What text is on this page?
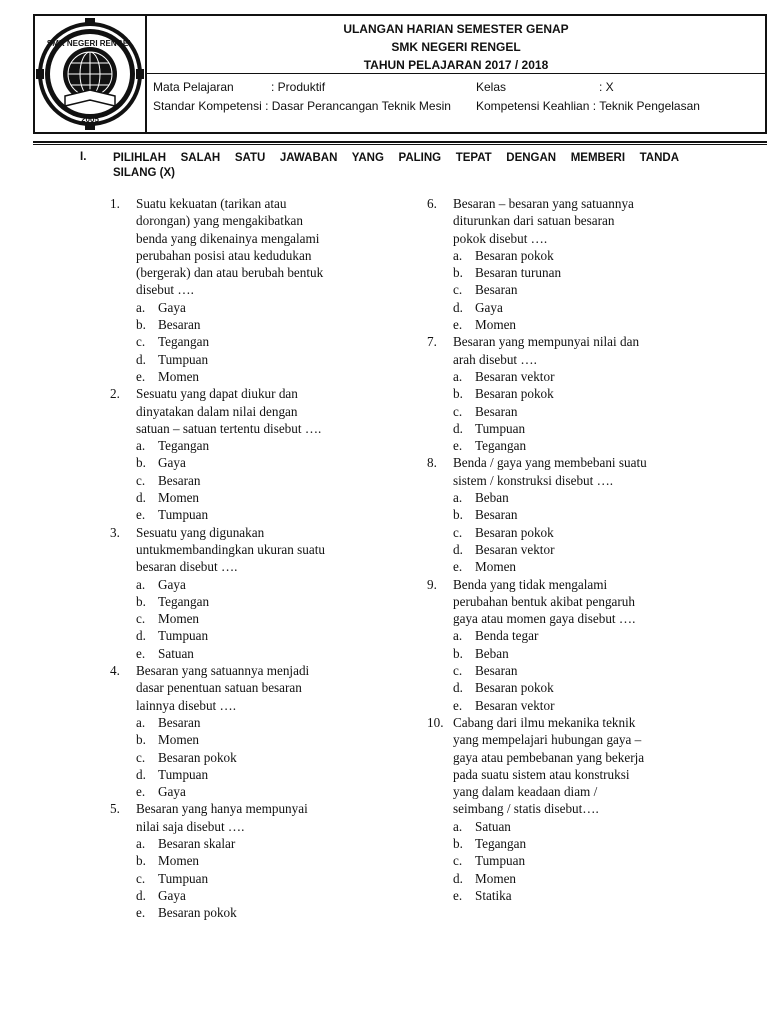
SMK NEGERI RENGEL
2005
ULANGAN HARIAN SEMESTER GENAP
SMK NEGERI RENGEL
TAHUN PELAJARAN 2017 / 2018
Mata Pelajaran	: Produktif	Kelas	: X
Standar Kompetensi : Dasar Perancangan Teknik Mesin Kompetensi Keahlian : Teknik Pengelasan
I. PILIHLAH SALAH SATU JAWABAN YANG PALING TEPAT DENGAN MEMBERI TANDA
SILANG (X)
1. Suatu kekuatan (tarikan atau
dorongan) yang mengakibatkan
benda yang dikenainya mengalami
perubahan posisi atau kedudukan
(bergerak) dan atau berubah bentuk
disebut ….
a. Gaya
b. Besaran
c. Tegangan
d. Tumpuan
e. Momen
2. Sesuatu yang dapat diukur dan
dinyatakan dalam nilai dengan
satuan – satuan tertentu disebut ….
a. Tegangan
b. Gaya
c. Besaran
d. Momen
e. Tumpuan
3. Sesuatu yang digunakan
untukmembandingkan ukuran suatu
besaran disebut ….
a. Gaya
b. Tegangan
c. Momen
d. Tumpuan
e. Satuan
4. Besaran yang satuannya menjadi
dasar penentuan satuan besaran
lainnya disebut ….
a. Besaran
b. Momen
c. Besaran pokok
d. Tumpuan
e. Gaya
5. Besaran yang hanya mempunyai
nilai saja disebut ….
a. Besaran skalar
b. Momen
c. Tumpuan
d. Gaya
e. Besaran pokok
6. Besaran – besaran yang satuannya
diturunkan dari satuan besaran
pokok disebut ….
a. Besaran pokok
b. Besaran turunan
c. Besaran
d. Gaya
e. Momen
7. Besaran yang mempunyai nilai dan
arah disebut ….
a. Besaran vektor
b. Besaran pokok
c. Besaran
d. Tumpuan
e. Tegangan
8. Benda / gaya yang membebani suatu
sistem / konstruksi disebut ….
a. Beban
b. Besaran
c. Besaran pokok
d. Besaran vektor
e. Momen
9. Benda yang tidak mengalami
perubahan bentuk akibat pengaruh
gaya atau momen gaya disebut ….
a. Benda tegar
b. Beban
c. Besaran
d. Besaran pokok
e. Besaran vektor
10. Cabang dari ilmu mekanika teknik
yang mempelajari hubungan gaya –
gaya atau pembebanan yang bekerja
pada suatu sistem atau konstruksi
yang dalam keadaan diam /
seimbang / statis disebut….
a. Satuan
b. Tegangan
c. Tumpuan
d. Momen
e. Statika
